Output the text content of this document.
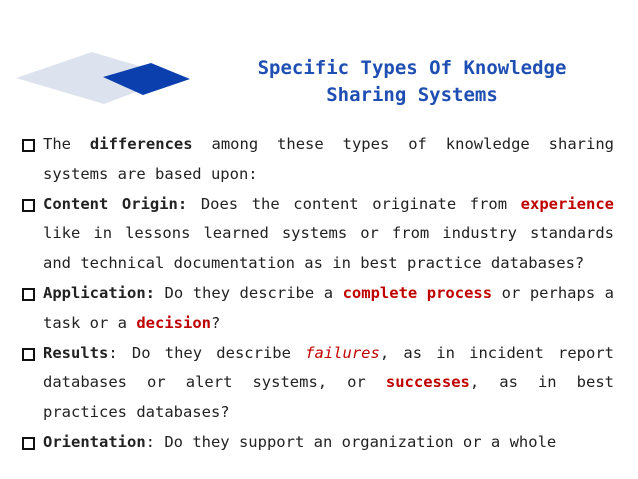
Specific Types Of Knowledge
Sharing Systems
The differences among these types of knowledge sharing systems are based upon:
Content Origin: Does the content originate from experience like in lessons learned systems or from industry standards and technical documentation as in best practice databases?
Application: Do they describe a complete process or perhaps a task or a decision?
Results: Do they describe failures, as in incident report databases or alert systems, or successes, as in best practices databases?
Orientation: Do they support an organization or a whole
